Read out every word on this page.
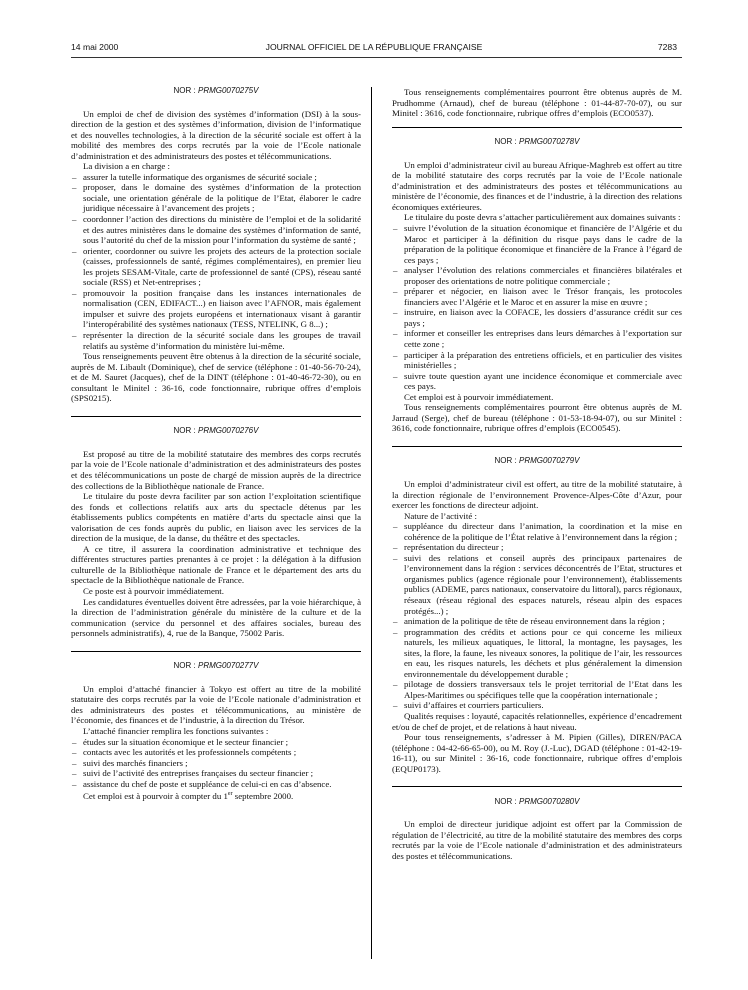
14 mai 2000	JOURNAL OFFICIEL DE LA RÉPUBLIQUE FRANÇAISE	7283
NOR : PRMG0070275V

Un emploi de chef de division des systèmes d’information (DSI) à la sous-direction de la gestion et des systèmes d’information, division de l’informatique et des nouvelles technologies, à la direction de la sécurité sociale est offert à la mobilité des membres des corps recrutés par la voie de l’Ecole nationale d’administration et des administrateurs des postes et télécommunications.

La division a en charge :

– assurer la tutelle informatique des organismes de sécurité sociale ;
– proposer, dans le domaine des systèmes d’information de la protection sociale, une orientation générale de la politique de l’Etat, élaborer le cadre juridique nécessaire à l’avancement des projets ;
– coordonner l’action des directions du ministère de l’emploi et de la solidarité et des autres ministères dans le domaine des systèmes d’information de santé, sous l’autorité du chef de la mission pour l’information du système de santé ;
– orienter, coordonner ou suivre les projets des acteurs de la protection sociale (caisses, professionnels de santé, régimes complémentaires), en premier lieu les projets SESAM-Vitale, carte de professionnel de santé (CPS), réseau santé sociale (RSS) et Net-entreprises ;
– promouvoir la position française dans les instances internationales de normalisation (CEN, EDIFACT...) en liaison avec l’AFNOR, mais également impulser et suivre des projets européens et internationaux visant à garantir l’interopérabilité des systèmes nationaux (TESS, NTELINK, G 8...) ;
– représenter la direction de la sécurité sociale dans les groupes de travail relatifs au système d’information du ministère lui-même.

Tous renseignements peuvent être obtenus à la direction de la sécurité sociale, auprès de M. Libault (Dominique), chef de service (téléphone : 01-40-56-70-24), et de M. Sauret (Jacques), chef de la DINT (téléphone : 01-40-46-72-30), ou en consultant le Minitel : 36-16, code fonctionnaire, rubrique offres d’emplois (SPS0215).

NOR : PRMG0070276V

Est proposé au titre de la mobilité statutaire des membres des corps recrutés par la voie de l’Ecole nationale d’administration et des administrateurs des postes et des télécommunications un poste de chargé de mission auprès de la directrice des collections de la Bibliothèque nationale de France.

Le titulaire du poste devra faciliter par son action l’exploitation scientifique des fonds et collections relatifs aux arts du spectacle détenus par les établissements publics compétents en matière d’arts du spectacle ainsi que la valorisation de ces fonds auprès du public, en liaison avec les services de la direction de la musique, de la danse, du théâtre et des spectacles.

A ce titre, il assurera la coordination administrative et technique des différentes structures parties prenantes à ce projet : la délégation à la diffusion culturelle de la Bibliothèque nationale de France et le département des arts du spectacle de la Bibliothèque nationale de France.

Ce poste est à pourvoir immédiatement.

Les candidatures éventuelles doivent être adressées, par la voie hiérarchique, à la direction de l’administration générale du ministère de la culture et de la communication (service du personnel et des affaires sociales, bureau des personnels administratifs), 4, rue de la Banque, 75002 Paris.

NOR : PRMG0070277V

Un emploi d’attaché financier à Tokyo est offert au titre de la mobilité statutaire des corps recrutés par la voie de l’Ecole nationale d’administration et des administrateurs des postes et télécommunications, au ministère de l’économie, des finances et de l’industrie, à la direction du Trésor.

L’attaché financier remplira les fonctions suivantes :

– études sur la situation économique et le secteur financier ;
– contacts avec les autorités et les professionnels compétents ;
– suivi des marchés financiers ;
– suivi de l’activité des entreprises françaises du secteur financier ;
– assistance du chef de poste et suppléance de celui-ci en cas d’absence.

Cet emploi est à pourvoir à compter du 1er septembre 2000.

Tous renseignements complémentaires pourront être obtenus auprès de M. Prudhomme (Arnaud), chef de bureau (téléphone : 01-44-87-70-07), ou sur Minitel : 3616, code fonctionnaire, rubrique offres d’emplois (ECO0537).

NOR : PRMG0070278V

Un emploi d’administrateur civil au bureau Afrique-Maghreb est offert au titre de la mobilité statutaire des corps recrutés par la voie de l’Ecole nationale d’administration et des administrateurs des postes et télécommunications au ministère de l’économie, des finances et de l’industrie, à la direction des relations économiques extérieures.

Le titulaire du poste devra s’attacher particulièrement aux domaines suivants :

– suivre l’évolution de la situation économique et financière de l’Algérie et du Maroc et participer à la définition du risque pays dans le cadre de la préparation de la politique économique et financière de la France à l’égard de ces pays ;
– analyser l’évolution des relations commerciales et financières bilatérales et proposer des orientations de notre politique commerciale ;
– préparer et négocier, en liaison avec le Trésor français, les protocoles financiers avec l’Algérie et le Maroc et en assurer la mise en œuvre ;
– instruire, en liaison avec la COFACE, les dossiers d’assurance crédit sur ces pays ;
– informer et conseiller les entreprises dans leurs démarches à l’exportation sur cette zone ;
– participer à la préparation des entretiens officiels, et en particulier des visites ministérielles ;
– suivre toute question ayant une incidence économique et commerciale avec ces pays.

Cet emploi est à pourvoir immédiatement.

Tous renseignements complémentaires pourront être obtenus auprès de M. Jarraud (Serge), chef de bureau (téléphone : 01-53-18-94-07), ou sur Minitel : 3616, code fonctionnaire, rubrique offres d’emplois (ECO0545).

NOR : PRMG0070279V

Un emploi d’administrateur civil est offert, au titre de la mobilité statutaire, à la direction régionale de l’environnement Provence-Alpes-Côte d’Azur, pour exercer les fonctions de directeur adjoint.

Nature de l’activité :

– suppléance du directeur dans l’animation, la coordination et la mise en cohérence de la politique de l’État relative à l’environnement dans la région ;
– représentation du directeur ;
– suivi des relations et conseil auprès des principaux partenaires de l’environnement dans la région : services déconcentrés de l’Etat, structures et organismes publics (agence régionale pour l’environnement), établissements publics (ADEME, parcs nationaux, conservatoire du littoral), parcs régionaux, réseaux (réseau régional des espaces naturels, réseau alpin des espaces protégés...) ;
– animation de la politique de tête de réseau environnement dans la région ;
– programmation des crédits et actions pour ce qui concerne les milieux naturels, les milieux aquatiques, le littoral, la montagne, les paysages, les sites, la flore, la faune, les niveaux sonores, la politique de l’air, les ressources en eau, les risques naturels, les déchets et plus généralement la dimension environnementale du développement durable ;
– pilotage de dossiers transversaux tels le projet territorial de l’Etat dans les Alpes-Maritimes ou spécifiques telle que la coopération internationale ;
– suivi d’affaires et courriers particuliers.

Qualités requises : loyauté, capacités relationnelles, expérience d’encadrement et/ou de chef de projet, et de relations à haut niveau.

Pour tous renseignements, s’adresser à M. Pipien (Gilles), DIREN/PACA (téléphone : 04-42-66-65-00), ou M. Roy (J.-Luc), DGAD (téléphone : 01-42-19-16-11), ou sur Minitel : 36-16, code fonctionnaire, rubrique offres d’emplois (EQUP0173).

NOR : PRMG0070280V

Un emploi de directeur juridique adjoint est offert par la Commission de régulation de l’électricité, au titre de la mobilité statutaire des membres des corps recrutés par la voie de l’Ecole nationale d’administration et des administrateurs des postes et télécommunications.
